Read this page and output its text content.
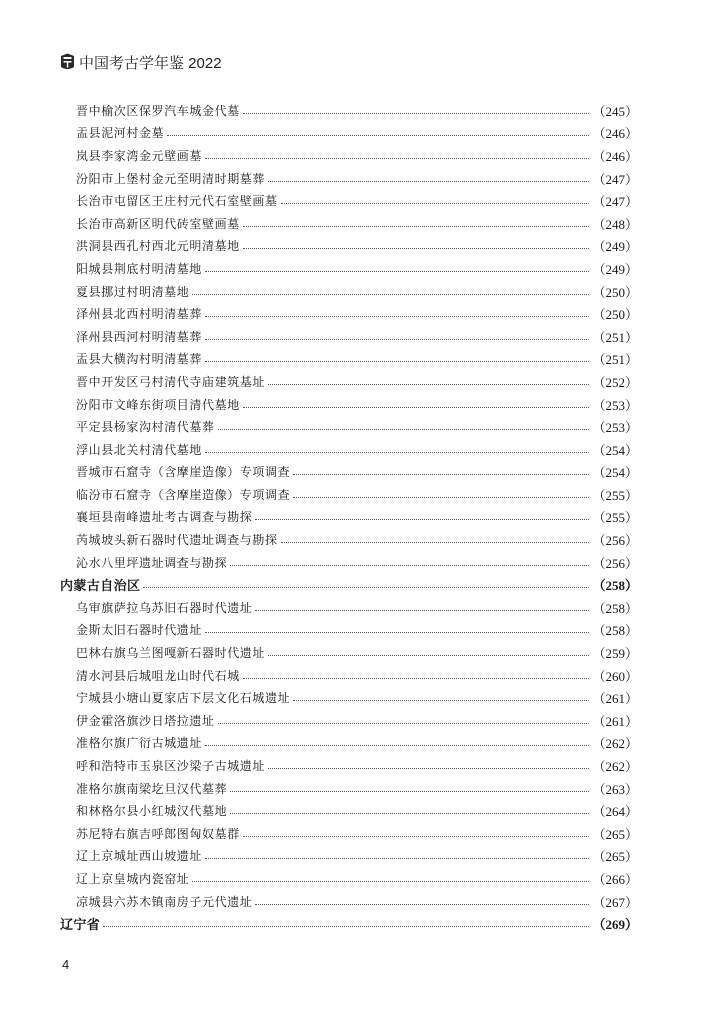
中国考古学年鉴 2022
晋中榆次区保罗汽车城金代墓	（245）
盂县泥河村金墓	（246）
岚县李家湾金元壁画墓	（246）
汾阳市上堡村金元至明清时期墓葬	（247）
长治市屯留区王庄村元代石室壁画墓	（247）
长治市高新区明代砖室壁画墓	（248）
洪洞县西孔村西北元明清墓地	（249）
阳城县荆底村明清墓地	（249）
夏县挪过村明清墓地	（250）
泽州县北西村明清墓葬	（250）
泽州县西河村明清墓葬	（251）
盂县大横沟村明清墓葬	（251）
晋中开发区弓村清代寺庙建筑基址	（252）
汾阳市文峰东街项目清代墓地	（253）
平定县杨家沟村清代墓葬	（253）
浮山县北关村清代墓地	（254）
晋城市石窟寺（含摩崖造像）专项调查	（254）
临汾市石窟寺（含摩崖造像）专项调查	（255）
襄垣县南峰遗址考古调查与勘探	（255）
芮城坡头新石器时代遗址调查与勘探	（256）
沁水八里坪遗址调查与勘探	（256）
内蒙古自治区	（258）
乌审旗萨拉乌苏旧石器时代遗址	（258）
金斯太旧石器时代遗址	（258）
巴林右旗乌兰图嘎新石器时代遗址	（259）
清水河县后城咀龙山时代石城	（260）
宁城县小塘山夏家店下层文化石城遗址	（261）
伊金霍洛旗沙日塔拉遗址	（261）
准格尔旗广衍古城遗址	（262）
呼和浩特市玉泉区沙梁子古城遗址	（262）
准格尔旗南梁圪旦汉代墓葬	（263）
和林格尔县小红城汉代墓地	（264）
苏尼特右旗吉呼郎图匈奴墓群	（265）
辽上京城址西山坡遗址	（265）
辽上京皇城内瓷窑址	（266）
凉城县六苏木镇南房子元代遗址	（267）
辽宁省	（269）
4
